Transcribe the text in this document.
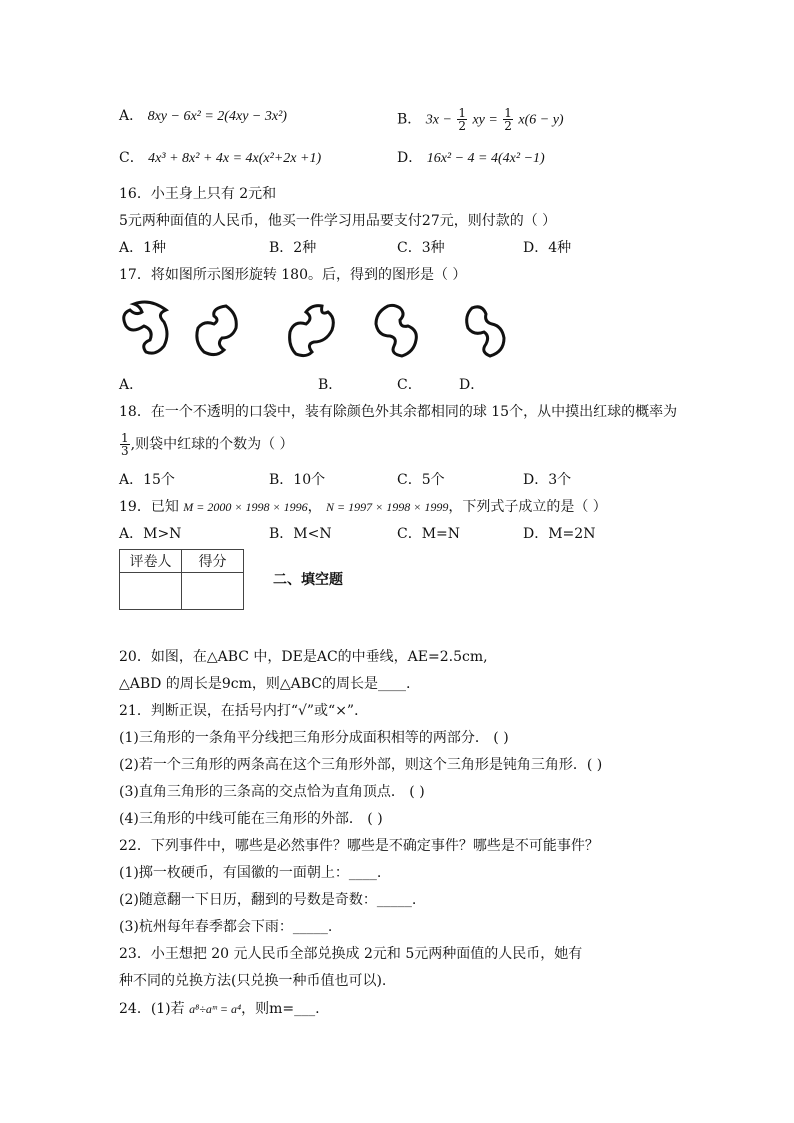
A． 8xy − 6x² = 2(4xy − 3x²)	B． $3x - \frac{1}{2}$ xy = $\frac{1}{2} x(6 - y)$
C． 4x³ + 8x² + 4x = 4x(x²+2x +1)	D． 16x² − 4 = 4(4x² −1)
16．小王身上只有 2元和
5元两种面值的人民币，他买一件学习用品要支付27元，则付款的（ ）
A．1种	B．2种	C．3种	D．4种
17．将如图所示图形旋转 180。后，得到的图形是（ ）
A．	B．	C．	D．
18．在一个不透明的口袋中，装有除颜色外其余都相同的球 15个，从中摸出红球的概率为
$\frac{1}{3}$ ,则袋中红球的个数为（ ）
A．15个	B．10个	C．5个	D．3个
19．已知 M = 2000 × 1998 × 1996， N = 1997 × 1998 × 1999，下列式子成立的是（ ）
A．M>N	B．M<N	C．M=N	D．M=2N
评卷人	得分

二、填空题
20．如图，在△ABC 中，DE是AC的中垂线，AE=2.5cm,
△ABD 的周长是9cm，则△ABC的周长是____.
21．判断正误，在括号内打“√”或“×”．
(1)三角形的一条角平分线把三角形分成面积相等的两部分． ( )
(2)若一个三角形的两条高在这个三角形外部，则这个三角形是钝角三角形．( )
(3)直角三角形的三条高的交点恰为直角顶点． ( )
(4)三角形的中线可能在三角形的外部． ( )
22．下列事件中，哪些是必然事件？哪些是不确定事件？哪些是不可能事件？
(1)掷一枚硬币，有国徽的一面朝上：____.
(2)随意翻一下日历，翻到的号数是奇数：_____.
(3)杭州每年春季都会下雨：_____.
23．小王想把 20 元人民币全部兑换成 2元和 5元两种面值的人民币，她有
种不同的兑换方法(只兑换一种币值也可以).
24．(1)若 a⁸÷aᵐ = a⁴，则m=___.
